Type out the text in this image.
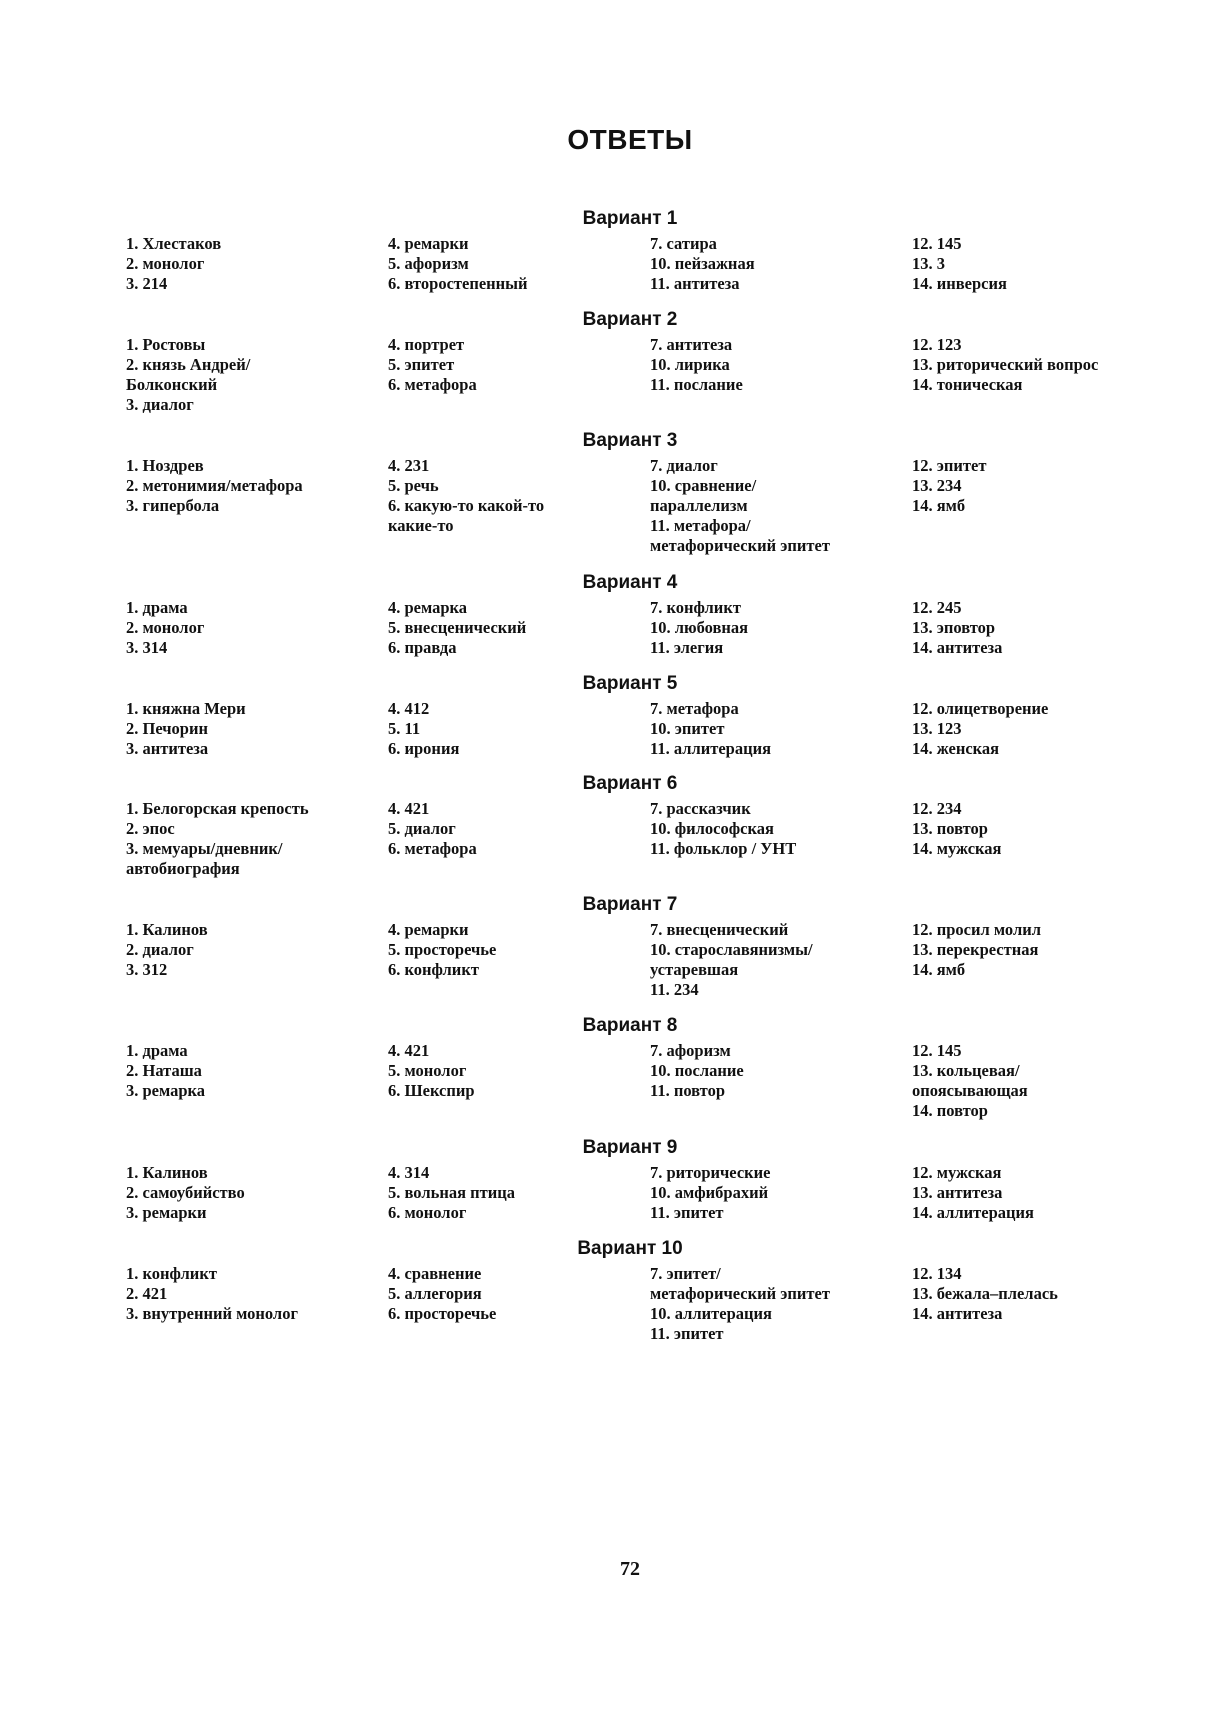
ОТВЕТЫ
Вариант 1
1. Хлестаков
2. монолог
3. 214
4. ремарки
5. афоризм
6. второстепенный
7. сатира
10. пейзажная
11. антитеза
12. 145
13. 3
14. инверсия
Вариант 2
1. Ростовы
2. князь Андрей/
Болконский
3. диалог
4. портрет
5. эпитет
6. метафора
7. антитеза
10. лирика
11. послание
12. 123
13. риторический вопрос
14. тоническая
Вариант 3
1. Ноздрев
2. метонимия/метафора
3. гипербола
4. 231
5. речь
6. какую-то какой-то
какие-то
7. диалог
10. сравнение/
параллелизм
11. метафора/
метафорический эпитет
12. эпитет
13. 234
14. ямб
Вариант 4
1. драма
2. монолог
3. 314
4. ремарка
5. внесценический
6. правда
7. конфликт
10. любовная
11. элегия
12. 245
13. эповтор
14. антитеза
Вариант 5
1. княжна Мери
2. Печорин
3. антитеза
4. 412
5. 11
6. ирония
7. метафора
10. эпитет
11. аллитерация
12. олицетворение
13. 123
14. женская
Вариант 6
1. Белогорская крепость
2. эпос
3. мемуары/дневник/
автобиография
4. 421
5. диалог
6. метафора
7. рассказчик
10. философская
11. фольклор / УНТ
12. 234
13. повтор
14. мужская
Вариант 7
1. Калинов
2. диалог
3. 312
4. ремарки
5. просторечье
6. конфликт
7. внесценический
10. старославянизмы/
устаревшая
11. 234
12. просил молил
13. перекрестная
14. ямб
Вариант 8
1. драма
2. Наташа
3. ремарка
4. 421
5. монолог
6. Шекспир
7. афоризм
10. послание
11. повтор
12. 145
13. кольцевая/
опоясывающая
14. повтор
Вариант 9
1. Калинов
2. самоубийство
3. ремарки
4. 314
5. вольная птица
6. монолог
7. риторические
10. амфибрахий
11. эпитет
12. мужская
13. антитеза
14. аллитерация
Вариант 10
1. конфликт
2. 421
3. внутренний монолог
4. сравнение
5. аллегория
6. просторечье
7. эпитет/
метафорический эпитет
10. аллитерация
11. эпитет
12. 134
13. бежала–плелась
14. антитеза
72
